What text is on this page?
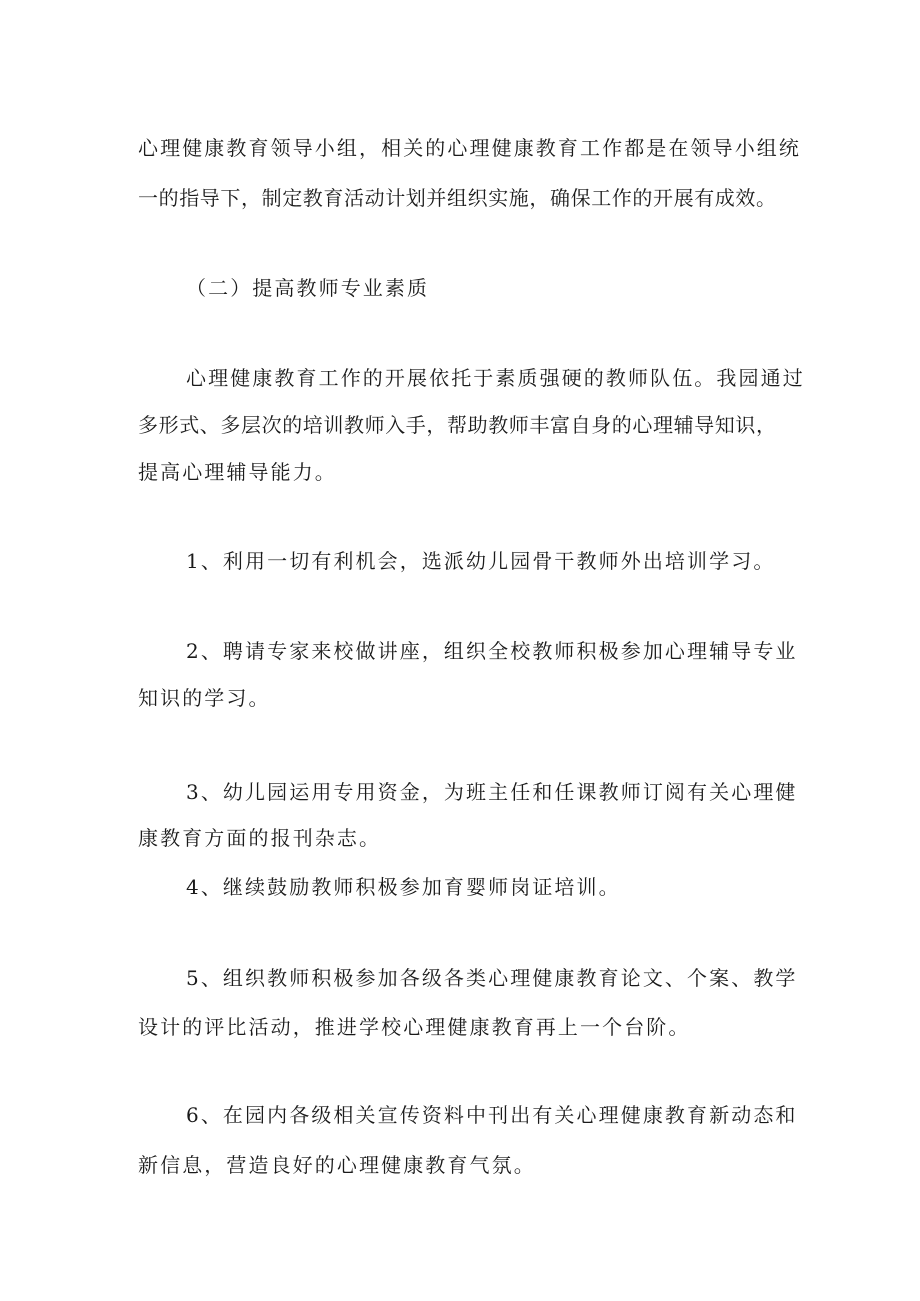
心理健康教育领导小组，相关的心理健康教育工作都是在领导小组统

一的指导下，制定教育活动计划并组织实施，确保工作的开展有成效。

（二）提高教师专业素质

心理健康教育工作的开展依托于素质强硬的教师队伍。我园通过

多形式、多层次的培训教师入手，帮助教师丰富自身的心理辅导知识，

提高心理辅导能力。

1、利用一切有利机会，选派幼儿园骨干教师外出培训学习。

2、聘请专家来校做讲座，组织全校教师积极参加心理辅导专业

知识的学习。

3、幼儿园运用专用资金，为班主任和任课教师订阅有关心理健

康教育方面的报刊杂志。

4、继续鼓励教师积极参加育婴师岗证培训。

5、组织教师积极参加各级各类心理健康教育论文、个案、教学

设计的评比活动，推进学校心理健康教育再上一个台阶。

6、在园内各级相关宣传资料中刊出有关心理健康教育新动态和

新信息，营造良好的心理健康教育气氛。
